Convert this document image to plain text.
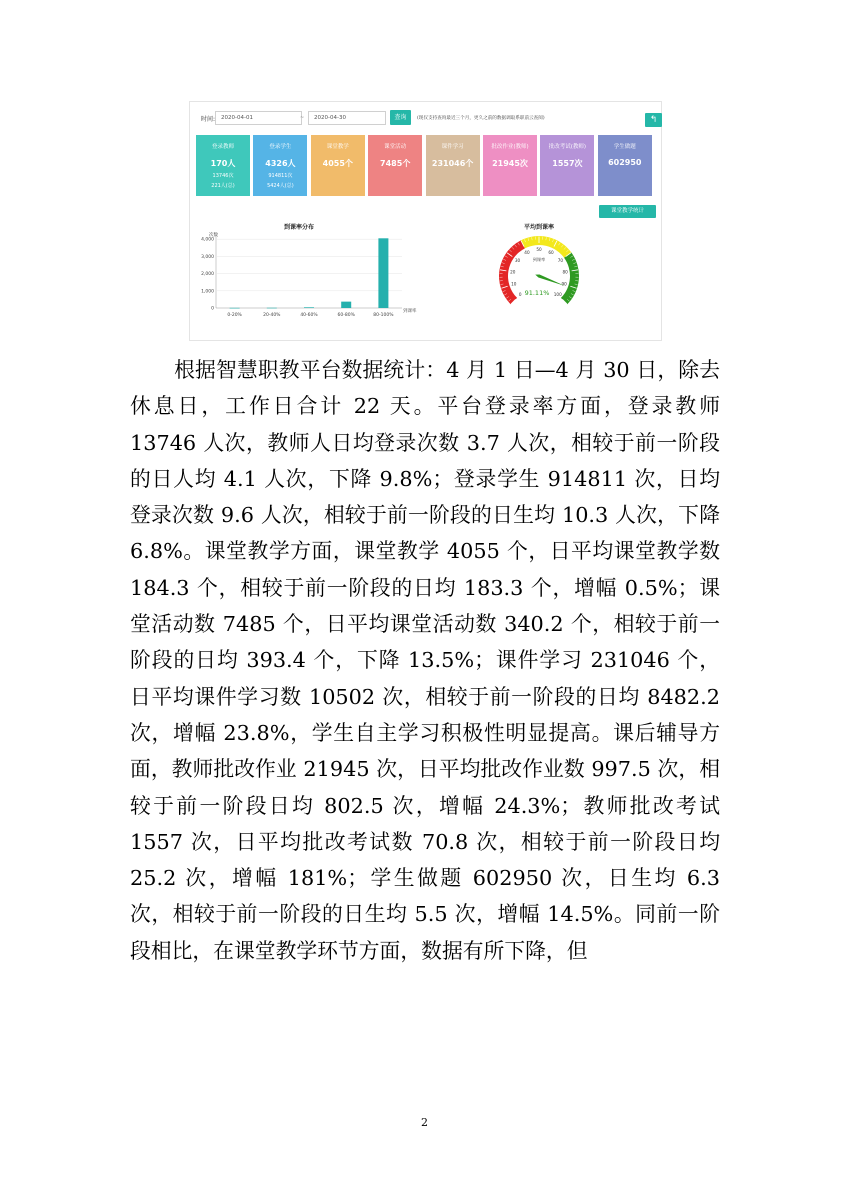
时间:	2020-04-01	~	2020-04-30	查询	(现仅支持查询最近三个月，更久之前的数据调取系职前云查阅)	↰
登录教师
170人
13746次
221人(总)
登录学生
4326人
914811次
5424人(总)
课堂教学
4055个
课堂活动
7485个
课件学习
231046个
批改作业(教师)
21945次
批改考试(教师)
1557次
学生做题
602950
课堂教学统计
到课率分布
次数
到课率
0
1,000
2,000
3,000
4,000
0-20%	20-40%	40-60%	60-80%	80-100%
平均到课率
0
10
20
30
40
50
60
70
80
90
100
到课率
91.11%
根据智慧职教平台数据统计：4 月 1 日—4 月 30 日，除去休息日，工作日合计 22 天。平台登录率方面，登录教师 13746 人次，教师人日均登录次数 3.7 人次，相较于前一阶段的日人均 4.1 人次，下降 9.8%；登录学生 914811 次，日均登录次数 9.6 人次，相较于前一阶段的日生均 10.3 人次，下降 6.8%。课堂教学方面，课堂教学 4055 个，日平均课堂教学数 184.3 个，相较于前一阶段的日均 183.3 个，增幅 0.5%；课堂活动数 7485 个，日平均课堂活动数 340.2 个，相较于前一阶段的日均 393.4 个，下降 13.5%；课件学习 231046 个，日平均课件学习数 10502 次，相较于前一阶段的日均 8482.2 次，增幅 23.8%，学生自主学习积极性明显提高。课后辅导方面，教师批改作业 21945 次，日平均批改作业数 997.5 次，相较于前一阶段日均 802.5 次，增幅 24.3%；教师批改考试 1557 次，日平均批改考试数 70.8 次，相较于前一阶段日均 25.2 次，增幅 181%；学生做题 602950 次，日生均 6.3 次，相较于前一阶段的日生均 5.5 次，增幅 14.5%。同前一阶段相比，在课堂教学环节方面，数据有所下降，但
2
